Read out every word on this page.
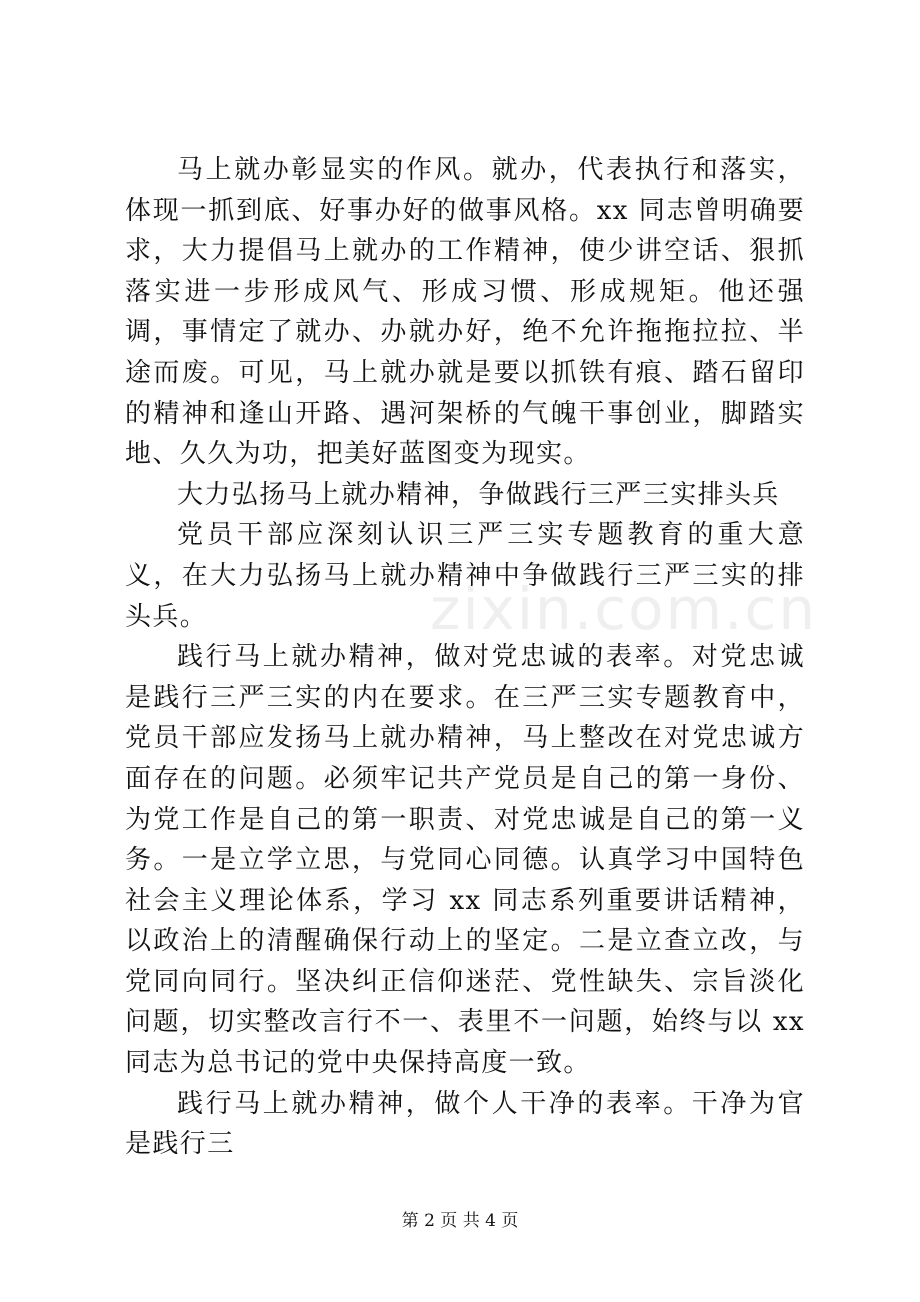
zixin.com.cn

马上就办彰显实的作风。就办，代表执行和落实，体现一抓到底、好事办好的做事风格。xx 同志曾明确要求，大力提倡马上就办的工作精神，使少讲空话、狠抓落实进一步形成风气、形成习惯、形成规矩。他还强调，事情定了就办、办就办好，绝不允许拖拖拉拉、半途而废。可见，马上就办就是要以抓铁有痕、踏石留印的精神和逢山开路、遇河架桥的气魄干事创业，脚踏实地、久久为功，把美好蓝图变为现实。

大力弘扬马上就办精神，争做践行三严三实排头兵

党员干部应深刻认识三严三实专题教育的重大意义，在大力弘扬马上就办精神中争做践行三严三实的排头兵。

践行马上就办精神，做对党忠诚的表率。对党忠诚是践行三严三实的内在要求。在三严三实专题教育中，党员干部应发扬马上就办精神，马上整改在对党忠诚方面存在的问题。必须牢记共产党员是自己的第一身份、为党工作是自己的第一职责、对党忠诚是自己的第一义务。一是立学立思，与党同心同德。认真学习中国特色社会主义理论体系，学习 xx 同志系列重要讲话精神，以政治上的清醒确保行动上的坚定。二是立查立改，与党同向同行。坚决纠正信仰迷茫、党性缺失、宗旨淡化问题，切实整改言行不一、表里不一问题，始终与以 xx 同志为总书记的党中央保持高度一致。

践行马上就办精神，做个人干净的表率。干净为官是践行三

第 2 页 共 4 页
